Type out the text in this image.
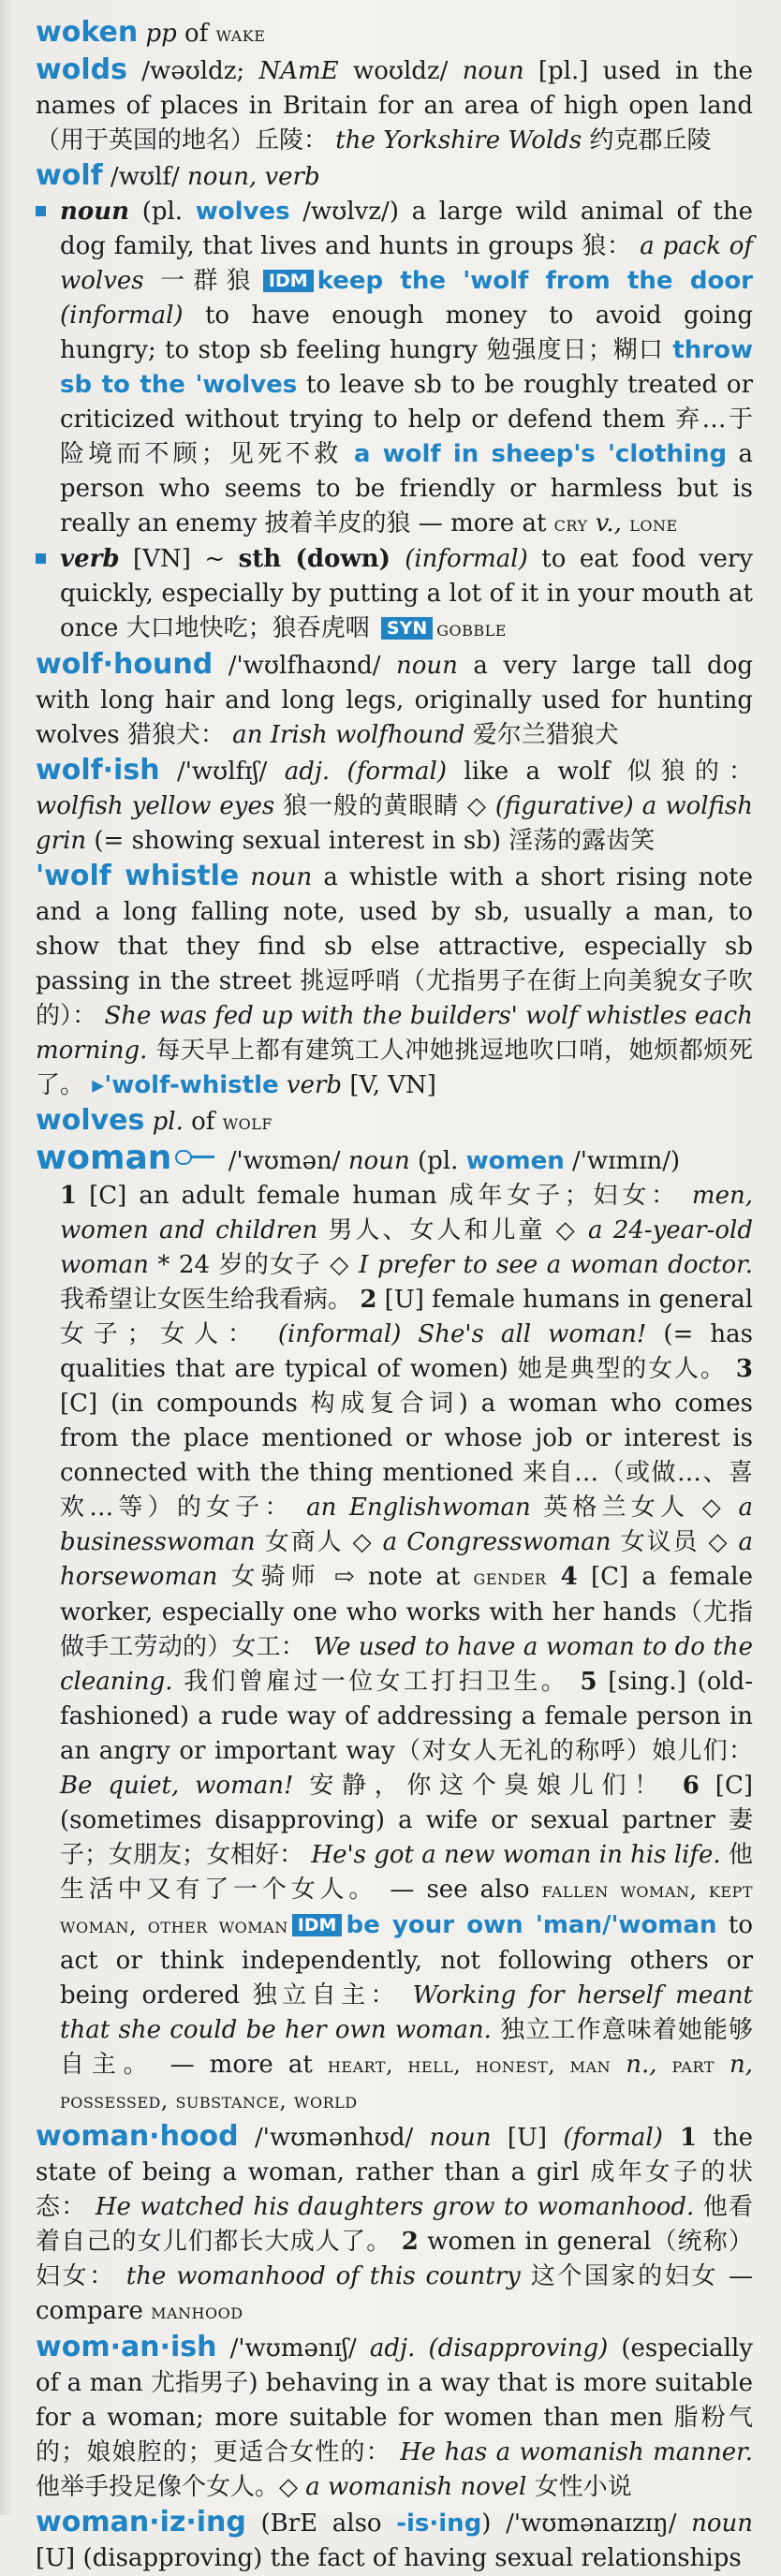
woken pp of wake

wolds /wəʊldz; NAmE woʊldz/ noun [pl.] used in the names of places in Britain for an area of high open land（用于英国的地名）丘陵： the Yorkshire Wolds 约克郡丘陵

wolf /wʊlf/ noun, verb

noun (pl. wolves /wʊlvz/) a large wild animal of the dog family, that lives and hunts in groups 狼： a pack of wolves 一群狼 IDM keep the 'wolf from the door (informal) to have enough money to avoid going hungry; to stop sb feeling hungry 勉强度日；糊口 throw sb to the 'wolves to leave sb to be roughly treated or criticized without trying to help or defend them 弃…于险境而不顾；见死不救 a wolf in sheep's 'clothing a person who seems to be friendly or harmless but is really an enemy 披着羊皮的狼 — more at cry v., lone

verb [VN] ~ sth (down) (informal) to eat food very quickly, especially by putting a lot of it in your mouth at once 大口地快吃；狼吞虎咽 SYN gobble

wolf·hound /'wʊlfhaʊnd/ noun a very large tall dog with long hair and long legs, originally used for hunting wolves 猎狼犬： an Irish wolfhound 爱尔兰猎狼犬

wolf·ish /'wʊlfɪʃ/ adj. (formal) like a wolf 似狼的： wolfish yellow eyes 狼一般的黄眼睛 ◇ (figurative) a wolfish grin (= showing sexual interest in sb) 淫荡的露齿笑

'wolf whistle noun a whistle with a short rising note and a long falling note, used by sb, usually a man, to show that they find sb else attractive, especially sb passing in the street 挑逗呼哨（尤指男子在街上向美貌女子吹的）： She was fed up with the builders' wolf whistles each morning. 每天早上都有建筑工人冲她挑逗地吹口哨，她烦都烦死了。 ▸'wolf-whistle verb [V, VN]

wolves pl. of wolf

woman /'wʊmən/ noun (pl. women /'wɪmɪn/)

1 [C] an adult female human 成年女子；妇女： men, women and children 男人、女人和儿童 ◇ a 24-year-old woman * 24 岁的女子 ◇ I prefer to see a woman doctor. 我希望让女医生给我看病。 2 [U] female humans in general 女子；女人： (informal) She's all woman! (= has qualities that are typical of women) 她是典型的女人。 3 [C] (in compounds 构成复合词) a woman who comes from the place mentioned or whose job or interest is connected with the thing mentioned 来自…（或做…、喜欢…等）的女子： an Englishwoman 英格兰女人 ◇ a businesswoman 女商人 ◇ a Congresswoman 女议员 ◇ a horsewoman 女骑师 ⇨ note at gender 4 [C] a female worker, especially one who works with her hands（尤指做手工劳动的）女工： We used to have a woman to do the cleaning. 我们曾雇过一位女工打扫卫生。 5 [sing.] (old-fashioned) a rude way of addressing a female person in an angry or important way（对女人无礼的称呼）娘儿们： Be quiet, woman! 安静，你这个臭娘儿们！ 6 [C] (sometimes disapproving) a wife or sexual partner 妻子；女朋友；女相好： He's got a new woman in his life. 他生活中又有了一个女人。 — see also fallen woman, kept woman, other woman IDM be your own 'man/'woman to act or think independently, not following others or being ordered 独立自主： Working for herself meant that she could be her own woman. 独立工作意味着她能够自主。 — more at heart, hell, honest, man n., part n, possessed, substance, world

woman·hood /'wʊmənhʊd/ noun [U] (formal) 1 the state of being a woman, rather than a girl 成年女子的状态： He watched his daughters grow to womanhood. 他看着自己的女儿们都长大成人了。 2 women in general（统称）妇女： the womanhood of this country 这个国家的妇女 — compare manhood

wom·an·ish /'wʊmənɪʃ/ adj. (disapproving) (especially of a man 尤指男子) behaving in a way that is more suitable for a woman; more suitable for women than men 脂粉气的；娘娘腔的；更适合女性的： He has a womanish manner. 他举手投足像个女人。◇ a womanish novel 女性小说

woman·iz·ing (BrE also -is·ing) /'wʊmənaɪzɪŋ/ noun [U] (disapproving) the fact of having sexual relationships
